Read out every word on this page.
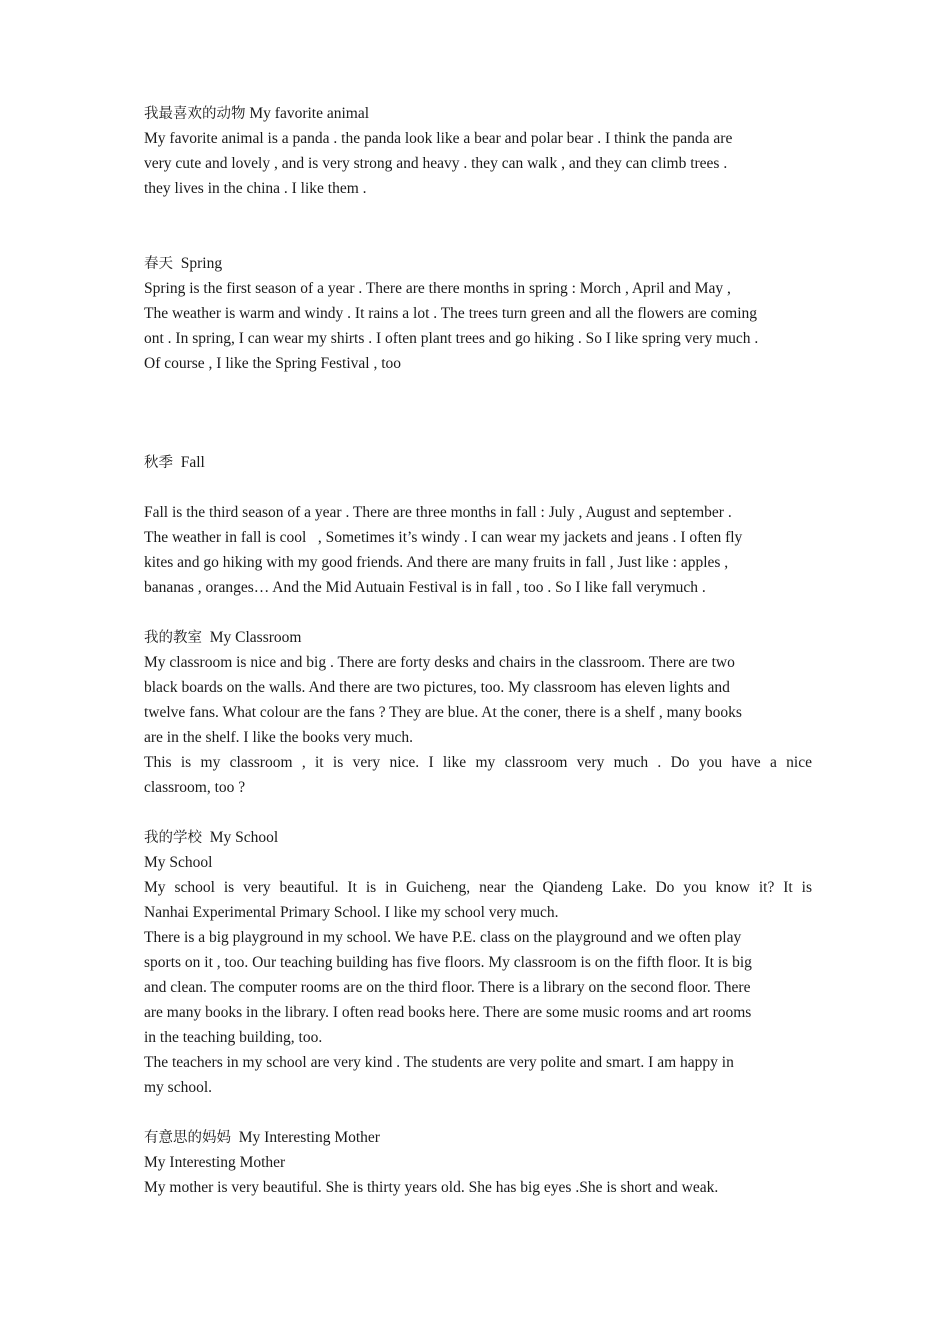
我最喜欢的动物 My favorite animal
My favorite animal is a panda . the panda look like a bear and polar bear . I think the panda are
very cute and lovely , and is very strong and heavy . they can walk , and they can climb trees .
they lives in the china . I like them .
春天  Spring
Spring is the first season of a year . There are there months in spring : Morch , April and May ,
The weather is warm and windy . It rains a lot . The trees turn green and all the flowers are coming
ont . In spring, I can wear my shirts . I often plant trees and go hiking . So I like spring very much .
Of course , I like the Spring Festival , too
秋季  Fall
Fall is the third season of a year . There are three months in fall : July , August and september .
The weather in fall is cool   , Sometimes it’s windy . I can wear my jackets and jeans . I often fly
kites and go hiking with my good friends. And there are many fruits in fall , Just like : apples ,
bananas , oranges… And the Mid Autuain Festival is in fall , too . So I like fall verymuch .
我的教室  My Classroom
My classroom is nice and big . There are forty desks and chairs in the classroom. There are two
black boards on the walls. And there are two pictures, too. My classroom has eleven lights and
twelve fans. What colour are the fans ? They are blue. At the coner, there is a shelf , many books
are in the shelf. I like the books very much.
This is my classroom , it is very nice. I like my classroom very much . Do you have a nice
classroom, too ?
我的学校  My School
My School
My school is very beautiful. It is in Guicheng, near the Qiandeng Lake. Do you know it? It is
Nanhai Experimental Primary School. I like my school very much.
There is a big playground in my school. We have P.E. class on the playground and we often play
sports on it , too. Our teaching building has five floors. My classroom is on the fifth floor. It is big
and clean. The computer rooms are on the third floor. There is a library on the second floor. There
are many books in the library. I often read books here. There are some music rooms and art rooms
in the teaching building, too.
The teachers in my school are very kind . The students are very polite and smart. I am happy in
my school.
有意思的妈妈  My Interesting Mother
My Interesting Mother
My mother is very beautiful. She is thirty years old. She has big eyes .She is short and weak.
